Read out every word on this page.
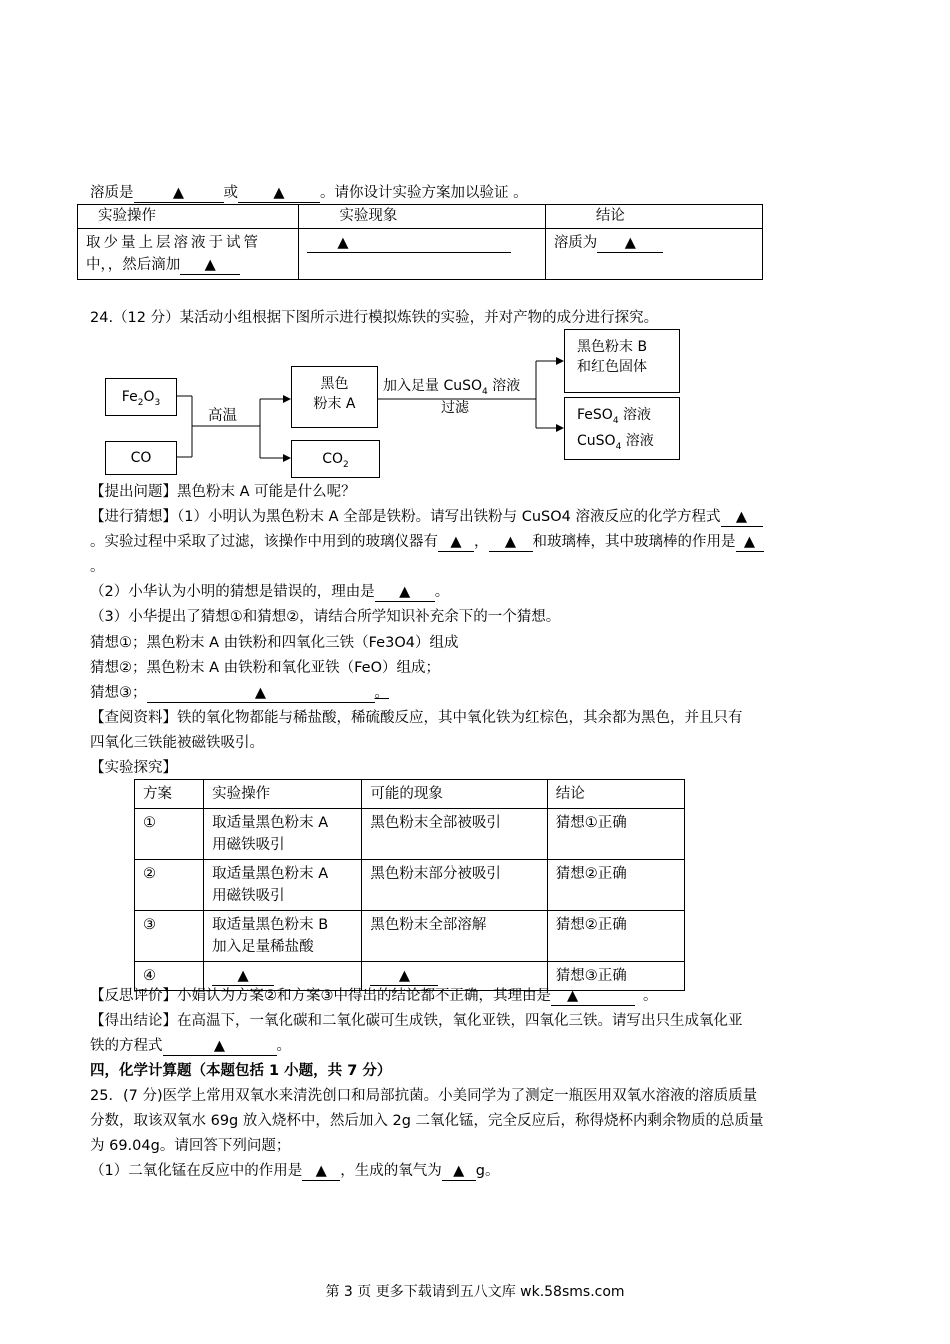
溶质是	▲	或 ▲ 。请你设计实验方案加以验证 。
实验操作	实验现象	结论

取少量上层溶液于试管
中，，然后滴加 ▲	▲	溶质为 ▲
24.（12 分）某活动小组根据下图所示进行模拟炼铁的实验，并对产物的成分进行探究。
$Fe_2O_3$
CO
高温
黑色
粉末 A
$CO_2$
加入足量 CuSO$_4$ 溶液
过滤
黑色粉末 B
和红色固体
FeSO$_4$ 溶液
CuSO$_4$ 溶液
【提出问题】黑色粉末 A 可能是什么呢？
【进行猜想】（1）小明认为黑色粉末 A 全部是铁粉。请写出铁粉与 CuSO4 溶液反应的化学方程式 ▲
。实验过程中采取了过滤，该操作中用到的玻璃仪器有 ▲ ， ▲ 和玻璃棒，其中玻璃棒的作用是 ▲
。
（2）小华认为小明的猜想是错误的，理由是 ▲ 。
（3）小华提出了猜想①和猜想②，请结合所学知识补充余下的一个猜想。
猜想①；黑色粉末 A 由铁粉和四氧化三铁（Fe3O4）组成
猜想②；黑色粉末 A 由铁粉和氧化亚铁（FeO）组成；
猜想③；	▲	。
【查阅资料】铁的氧化物都能与稀盐酸，稀硫酸反应，其中氧化铁为红棕色，其余都为黑色，并且只有
四氧化三铁能被磁铁吸引。
【实验探究】
方案	实验操作	可能的现象	结论
①	取适量黑色粉末 A
用磁铁吸引	黑色粉末全部被吸引	猜想①正确
②	取适量黑色粉末 A
用磁铁吸引	黑色粉末部分被吸引	猜想②正确
③	取适量黑色粉末 B
加入足量稀盐酸	黑色粉末全部溶解	猜想②正确
④	▲	▲	猜想③正确
【反思评价】小娟认为方案②和方案③中得出的结论都不正确，其理由是 ▲	。
【得出结论】在高温下，一氧化碳和二氧化碳可生成铁，氧化亚铁，四氧化三铁。请写出只生成氧化亚
铁的方程式	▲	。
四，化学计算题（本题包括 1 小题，共 7 分）
25．(7 分)医学上常用双氧水来清洗创口和局部抗菌。小美同学为了测定一瓶医用双氧水溶液的溶质质量
分数，取该双氧水 69g 放入烧杯中，然后加入 2g 二氧化锰，完全反应后，称得烧杯内剩余物质的总质量
为 69.04g。请回答下列问题；
（1）二氧化锰在反应中的作用是 ▲ ，生成的氧气为 ▲ g。
第 3 页 更多下载请到五八文库 wk.58sms.com
